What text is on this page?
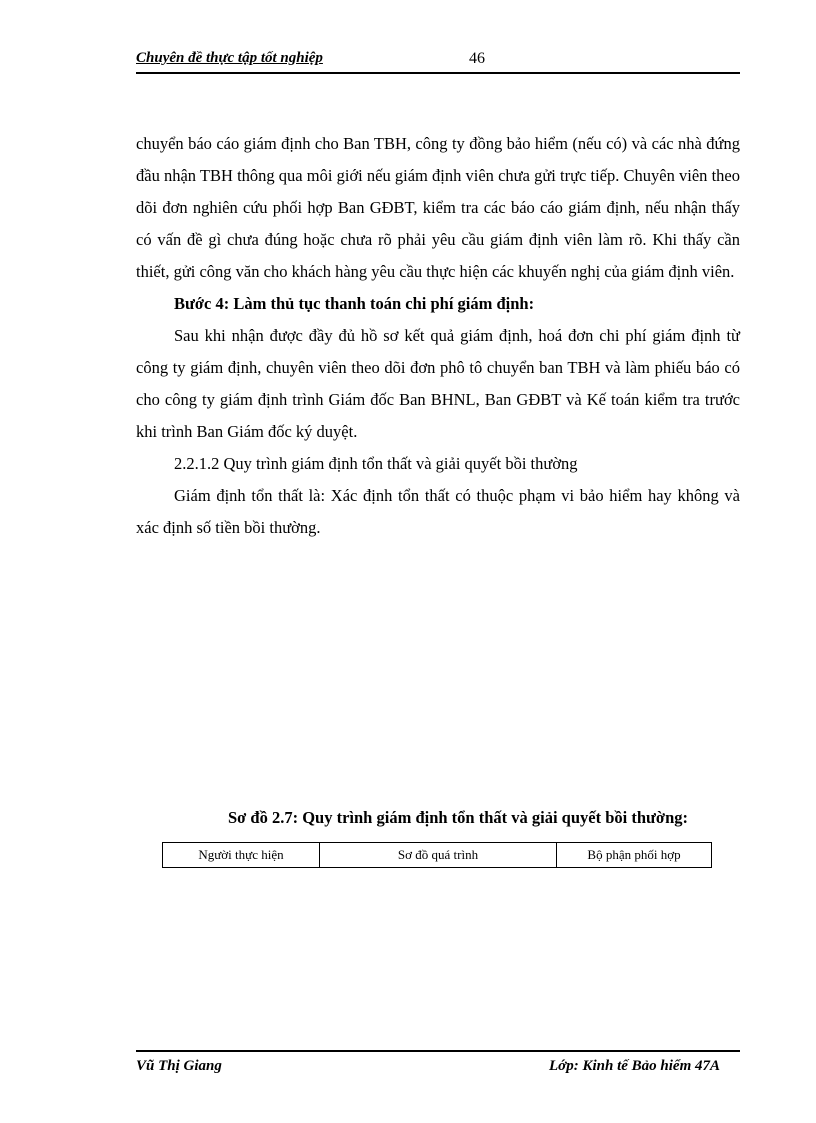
Chuyên đề thực tập tốt nghiệp	46

chuyển báo cáo giám định cho Ban TBH, công ty đồng bảo hiểm (nếu có) và các nhà đứng đầu nhận TBH thông qua môi giới nếu giám định viên chưa gửi trực tiếp. Chuyên viên theo dõi đơn nghiên cứu phối hợp Ban GĐBT, kiểm tra các báo cáo giám định, nếu nhận thấy có vấn đề gì chưa đúng hoặc chưa rõ phải yêu cầu giám định viên làm rõ. Khi thấy cần thiết, gửi công văn cho khách hàng yêu cầu thực hiện các khuyến nghị của giám định viên.

Bước 4: Làm thủ tục thanh toán chi phí giám định:

Sau khi nhận được đầy đủ hồ sơ kết quả giám định, hoá đơn chi phí giám định từ công ty giám định, chuyên viên theo dõi đơn phô tô chuyển ban TBH và làm phiếu báo có cho công ty giám định trình Giám đốc Ban BHNL, Ban GĐBT và Kế toán kiểm tra trước khi trình Ban Giám đốc ký duyệt.

2.2.1.2 Quy trình giám định tổn thất và giải quyết bồi thường

Giám định tổn thất là: Xác định tổn thất có thuộc phạm vi bảo hiểm hay không và xác định số tiền bồi thường.

Sơ đồ 2.7: Quy trình giám định tổn thất và giải quyết bồi thường:
Người thực hiện	Sơ đồ quá trình	Bộ phận phối hợp
Vũ Thị Giang	Lớp: Kinh tế Bảo hiểm 47A
